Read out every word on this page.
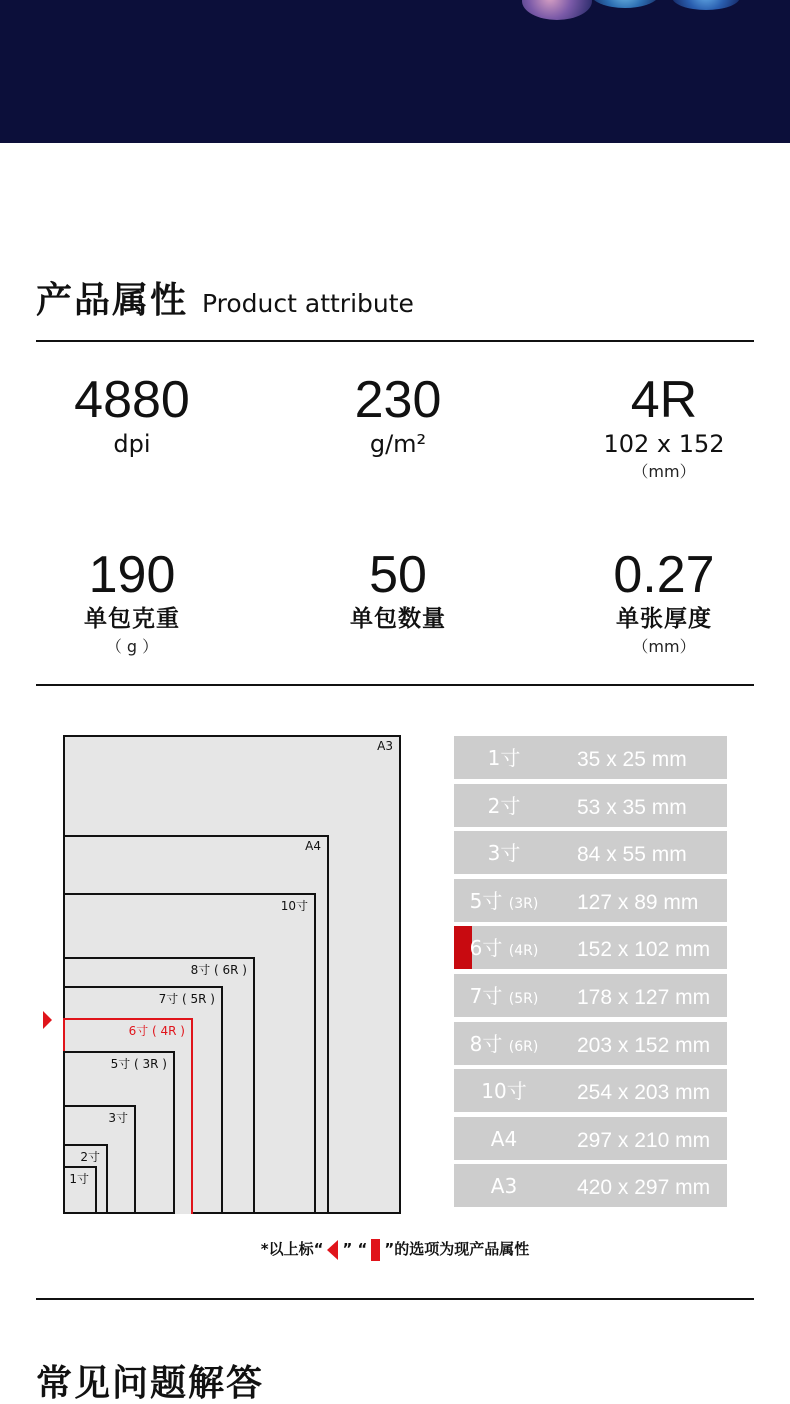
产品属性 Product attribute
4880
dpi
230
g/m²
4R
102 x 152
（mm）
190
单包克重
（ g ）
50
单包数量
0.27
单张厚度
（mm）
A3
A4
10寸
8寸 ( 6R )
7寸 ( 5R )
6寸 ( 4R )
5寸 ( 3R )
3寸
2寸
1寸
1寸	35 x 25 mm
2寸	53 x 35 mm
3寸	84 x 55 mm
5寸 (3R)	127 x 89 mm
6寸 (4R)	152 x 102 mm
7寸 (5R)	178 x 127 mm
8寸 (6R)	203 x 152 mm
10寸	254 x 203 mm
A4	297 x 210 mm
A3	420 x 297 mm
*以上标“ ” “ ”的选项为现产品属性
常见问题解答
